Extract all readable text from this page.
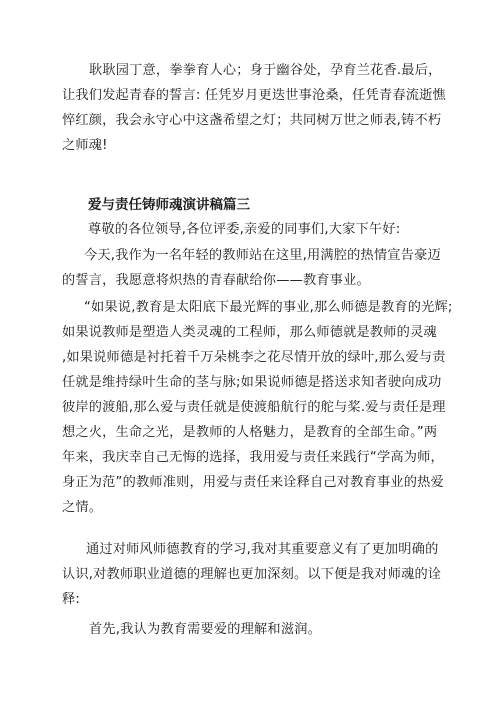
耿耿园丁意，拳拳育人心；身于幽谷处，孕育兰花香.最后，
让我们发起青春的誓言: 任凭岁月更迭世事沧桑，任凭青春流逝憔
悴红颜，我会永守心中这盏希望之灯；共同树万世之师表,铸不朽
之师魂!

爱与责任铸师魂演讲稿篇三

尊敬的各位领导,各位评委,亲爱的同事们,大家下午好:

今天,我作为一名年轻的教师站在这里,用满腔的热情宣告豪迈
的誓言，我愿意将炽热的青春献给你——教育事业。

“如果说,教育是太阳底下最光辉的事业,那么师德是教育的光辉;
如果说教师是塑造人类灵魂的工程师，那么师德就是教师的灵魂
,如果说师德是衬托着千万朵桃李之花尽情开放的绿叶,那么爱与责
任就是维持绿叶生命的茎与脉;如果说师德是搭送求知者驶向成功
彼岸的渡船,那么爱与责任就是使渡船航行的舵与桨.爱与责任是理
想之火，生命之光，是教师的人格魅力，是教育的全部生命。”两
年来，我庆幸自己无悔的选择，我用爱与责任来践行“学高为师，
身正为范”的教师准则，用爱与责任来诠释自己对教育事业的热爱
之情。

通过对师风师德教育的学习,我对其重要意义有了更加明确的
认识,对教师职业道德的理解也更加深刻。以下便是我对师魂的诠
释:

首先,我认为教育需要爱的理解和滋润。
